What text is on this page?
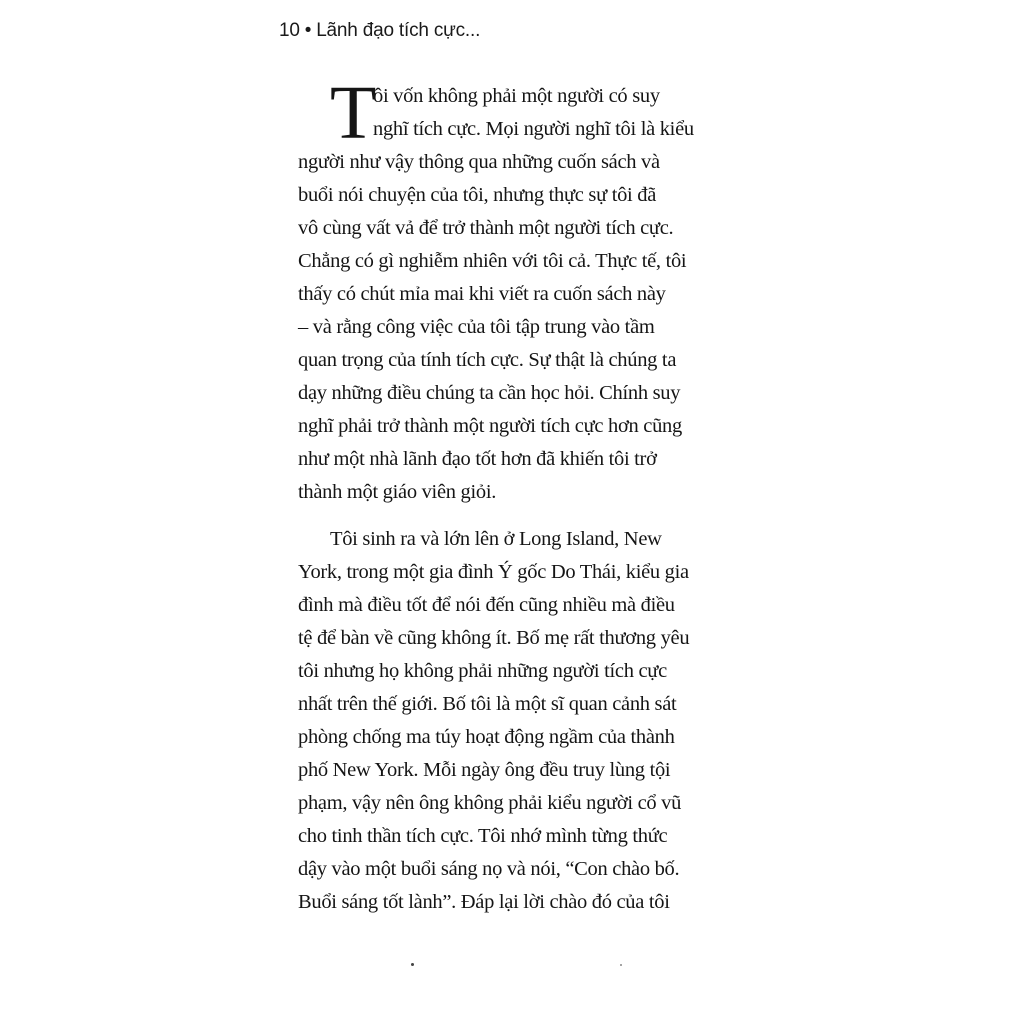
10 • Lãnh đạo tích cực...
T
ôi vốn không phải một người có suy
nghĩ tích cực. Mọi người nghĩ tôi là kiểu
người như vậy thông qua những cuốn sách và
buổi nói chuyện của tôi, nhưng thực sự tôi đã
vô cùng vất vả để trở thành một người tích cực.
Chẳng có gì nghiễm nhiên với tôi cả. Thực tế, tôi
thấy có chút mỉa mai khi viết ra cuốn sách này
– và rằng công việc của tôi tập trung vào tầm
quan trọng của tính tích cực. Sự thật là chúng ta
dạy những điều chúng ta cần học hỏi. Chính suy
nghĩ phải trở thành một người tích cực hơn cũng
như một nhà lãnh đạo tốt hơn đã khiến tôi trở
thành một giáo viên giỏi.
Tôi sinh ra và lớn lên ở Long Island, New
York, trong một gia đình Ý gốc Do Thái, kiểu gia
đình mà điều tốt để nói đến cũng nhiều mà điều
tệ để bàn về cũng không ít. Bố mẹ rất thương yêu
tôi nhưng họ không phải những người tích cực
nhất trên thế giới. Bố tôi là một sĩ quan cảnh sát
phòng chống ma túy hoạt động ngầm của thành
phố New York. Mỗi ngày ông đều truy lùng tội
phạm, vậy nên ông không phải kiểu người cổ vũ
cho tinh thần tích cực. Tôi nhớ mình từng thức
dậy vào một buổi sáng nọ và nói, “Con chào bố.
Buổi sáng tốt lành”. Đáp lại lời chào đó của tôi
